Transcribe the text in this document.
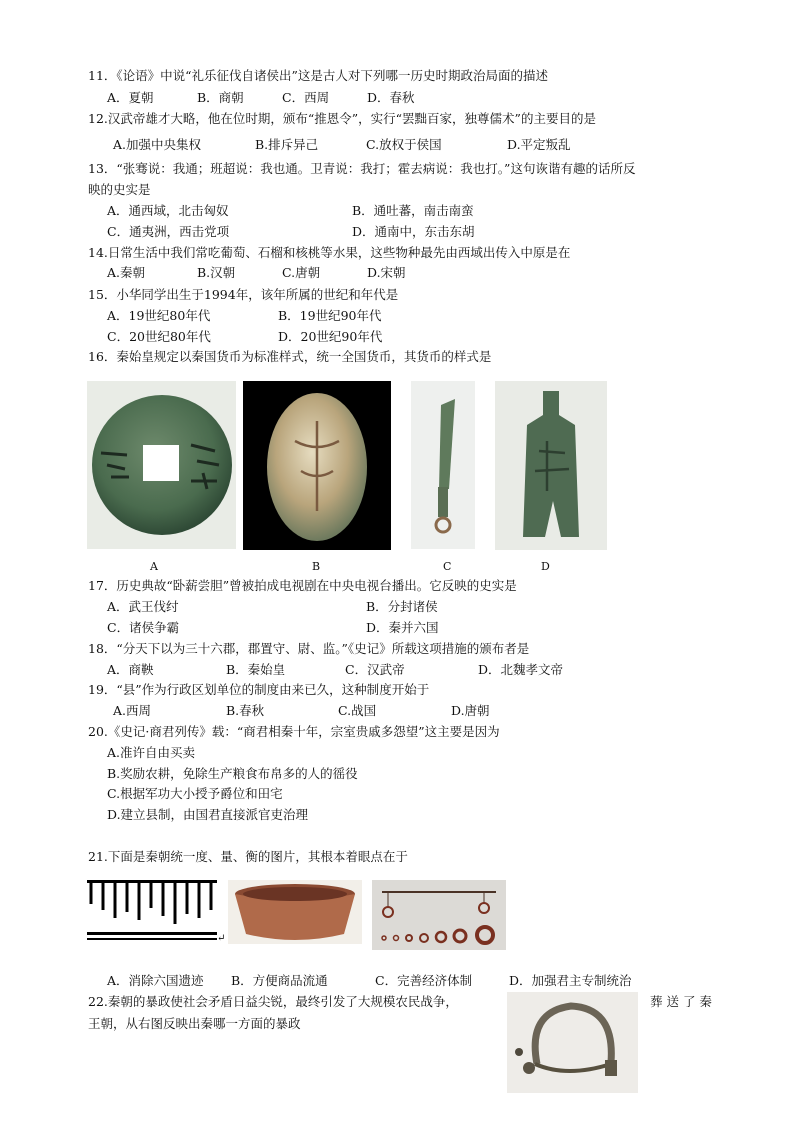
11．《论语》中说“礼乐征伐自诸侯出”这是古人对下列哪一历史时期政治局面的描述
A．夏朝	B．商朝	C．西周	D．春秋
12.汉武帝雄才大略，他在位时期，颁布“推恩令”，实行“罢黜百家，独尊儒术”的主要目的是
A.加强中央集权	B.排斥异己	C.放权于侯国	D.平定叛乱
13．“张骞说：我通；班超说：我也通。卫青说：我打；霍去病说：我也打。”这句诙谐有趣的话所反
映的史实是
A．通西域，北击匈奴	B．通吐蕃，南击南蛮
C．通夷洲，西击党项	D．通南中，东击东胡
14.日常生活中我们常吃葡萄、石榴和核桃等水果，这些物种最先由西域出传入中原是在
A.秦朝	B.汉朝	C.唐朝	D.宋朝
15．小华同学出生于1994年，该年所属的世纪和年代是
A．19世纪80年代	B．19世纪90年代
C．20世纪80年代	D．20世纪90年代
16．秦始皇规定以秦国货币为标准样式，统一全国货币，其货币的样式是
A	B	C	D
17．历史典故“卧薪尝胆”曾被拍成电视剧在中央电视台播出。它反映的史实是
A．武王伐纣	B．分封诸侯
C．诸侯争霸	D．秦并六国
18．“分天下以为三十六郡，郡置守、尉、监。”《史记》所载这项措施的颁布者是
A．商鞅	B．秦始皇	C．汉武帝	D．北魏孝文帝
19．“县”作为行政区划单位的制度由来已久，这种制度开始于
A.西周	B.春秋	C.战国	D.唐朝
20.《史记·商君列传》载：“商君相秦十年，宗室贵戚多怨望”这主要是因为
A.准许自由买卖
B.奖励农耕，免除生产粮食布帛多的人的徭役
C.根据军功大小授予爵位和田宅
D.建立县制，由国君直接派官吏治理
21.下面是秦朝统一度、量、衡的图片，其根本着眼点在于
↵
A．消除六国遗迹 B．方便商品流通	C．完善经济体制	D．加强君主专制统治
22.秦朝的暴政使社会矛盾日益尖锐，最终引发了大规模农民战争，	葬 送 了 秦
王朝，从右图反映出秦哪一方面的暴政
